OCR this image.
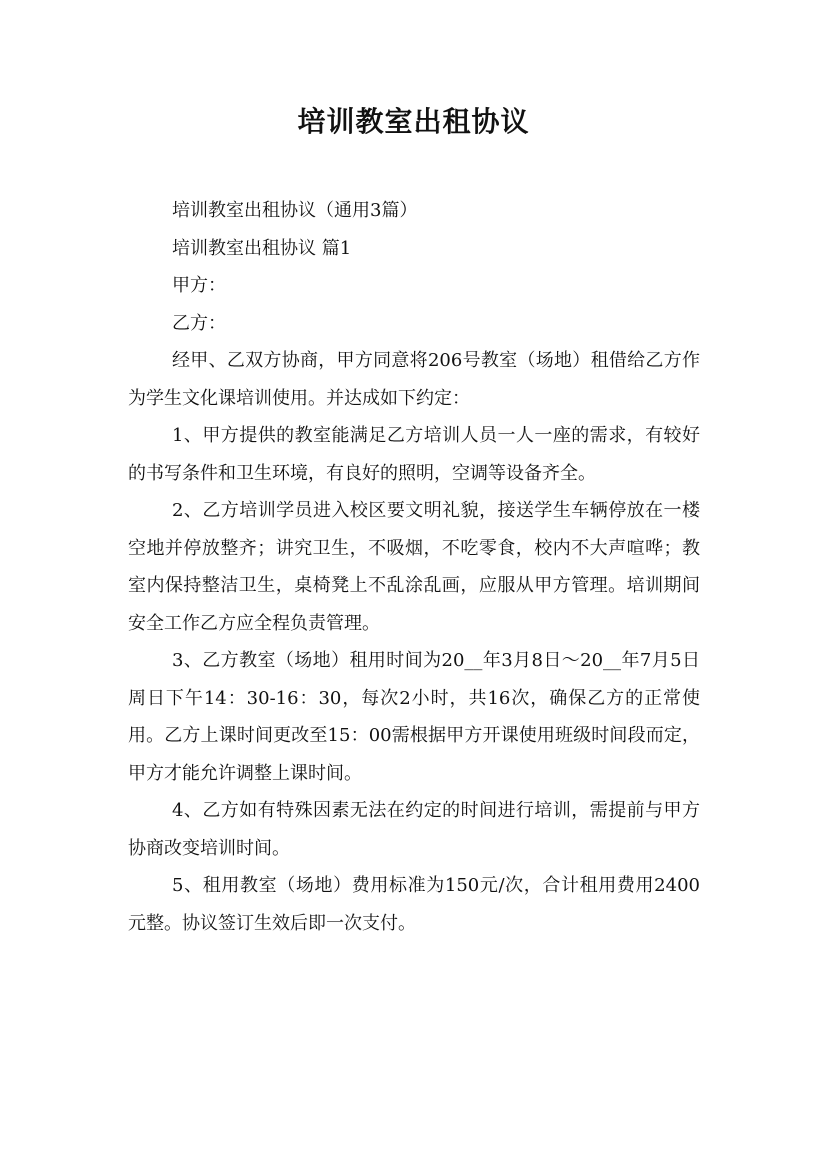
培训教室出租协议

培训教室出租协议（通用3篇）

培训教室出租协议 篇1

甲方：

乙方：

经甲、乙双方协商，甲方同意将206号教室（场地）租借给乙方作为学生文化课培训使用。并达成如下约定：

1、甲方提供的教室能满足乙方培训人员一人一座的需求，有较好的书写条件和卫生环境，有良好的照明，空调等设备齐全。

2、乙方培训学员进入校区要文明礼貌，接送学生车辆停放在一楼空地并停放整齐；讲究卫生，不吸烟，不吃零食，校内不大声喧哗；教室内保持整洁卫生，桌椅凳上不乱涂乱画，应服从甲方管理。培训期间安全工作乙方应全程负责管理。

3、乙方教室（场地）租用时间为20__年3月8日～20__年7月5日周日下午14：30-16：30，每次2小时，共16次，确保乙方的正常使用。乙方上课时间更改至15：00需根据甲方开课使用班级时间段而定，甲方才能允许调整上课时间。

4、乙方如有特殊因素无法在约定的时间进行培训，需提前与甲方协商改变培训时间。

5、租用教室（场地）费用标准为150元/次，合计租用费用2400元整。协议签订生效后即一次支付。
